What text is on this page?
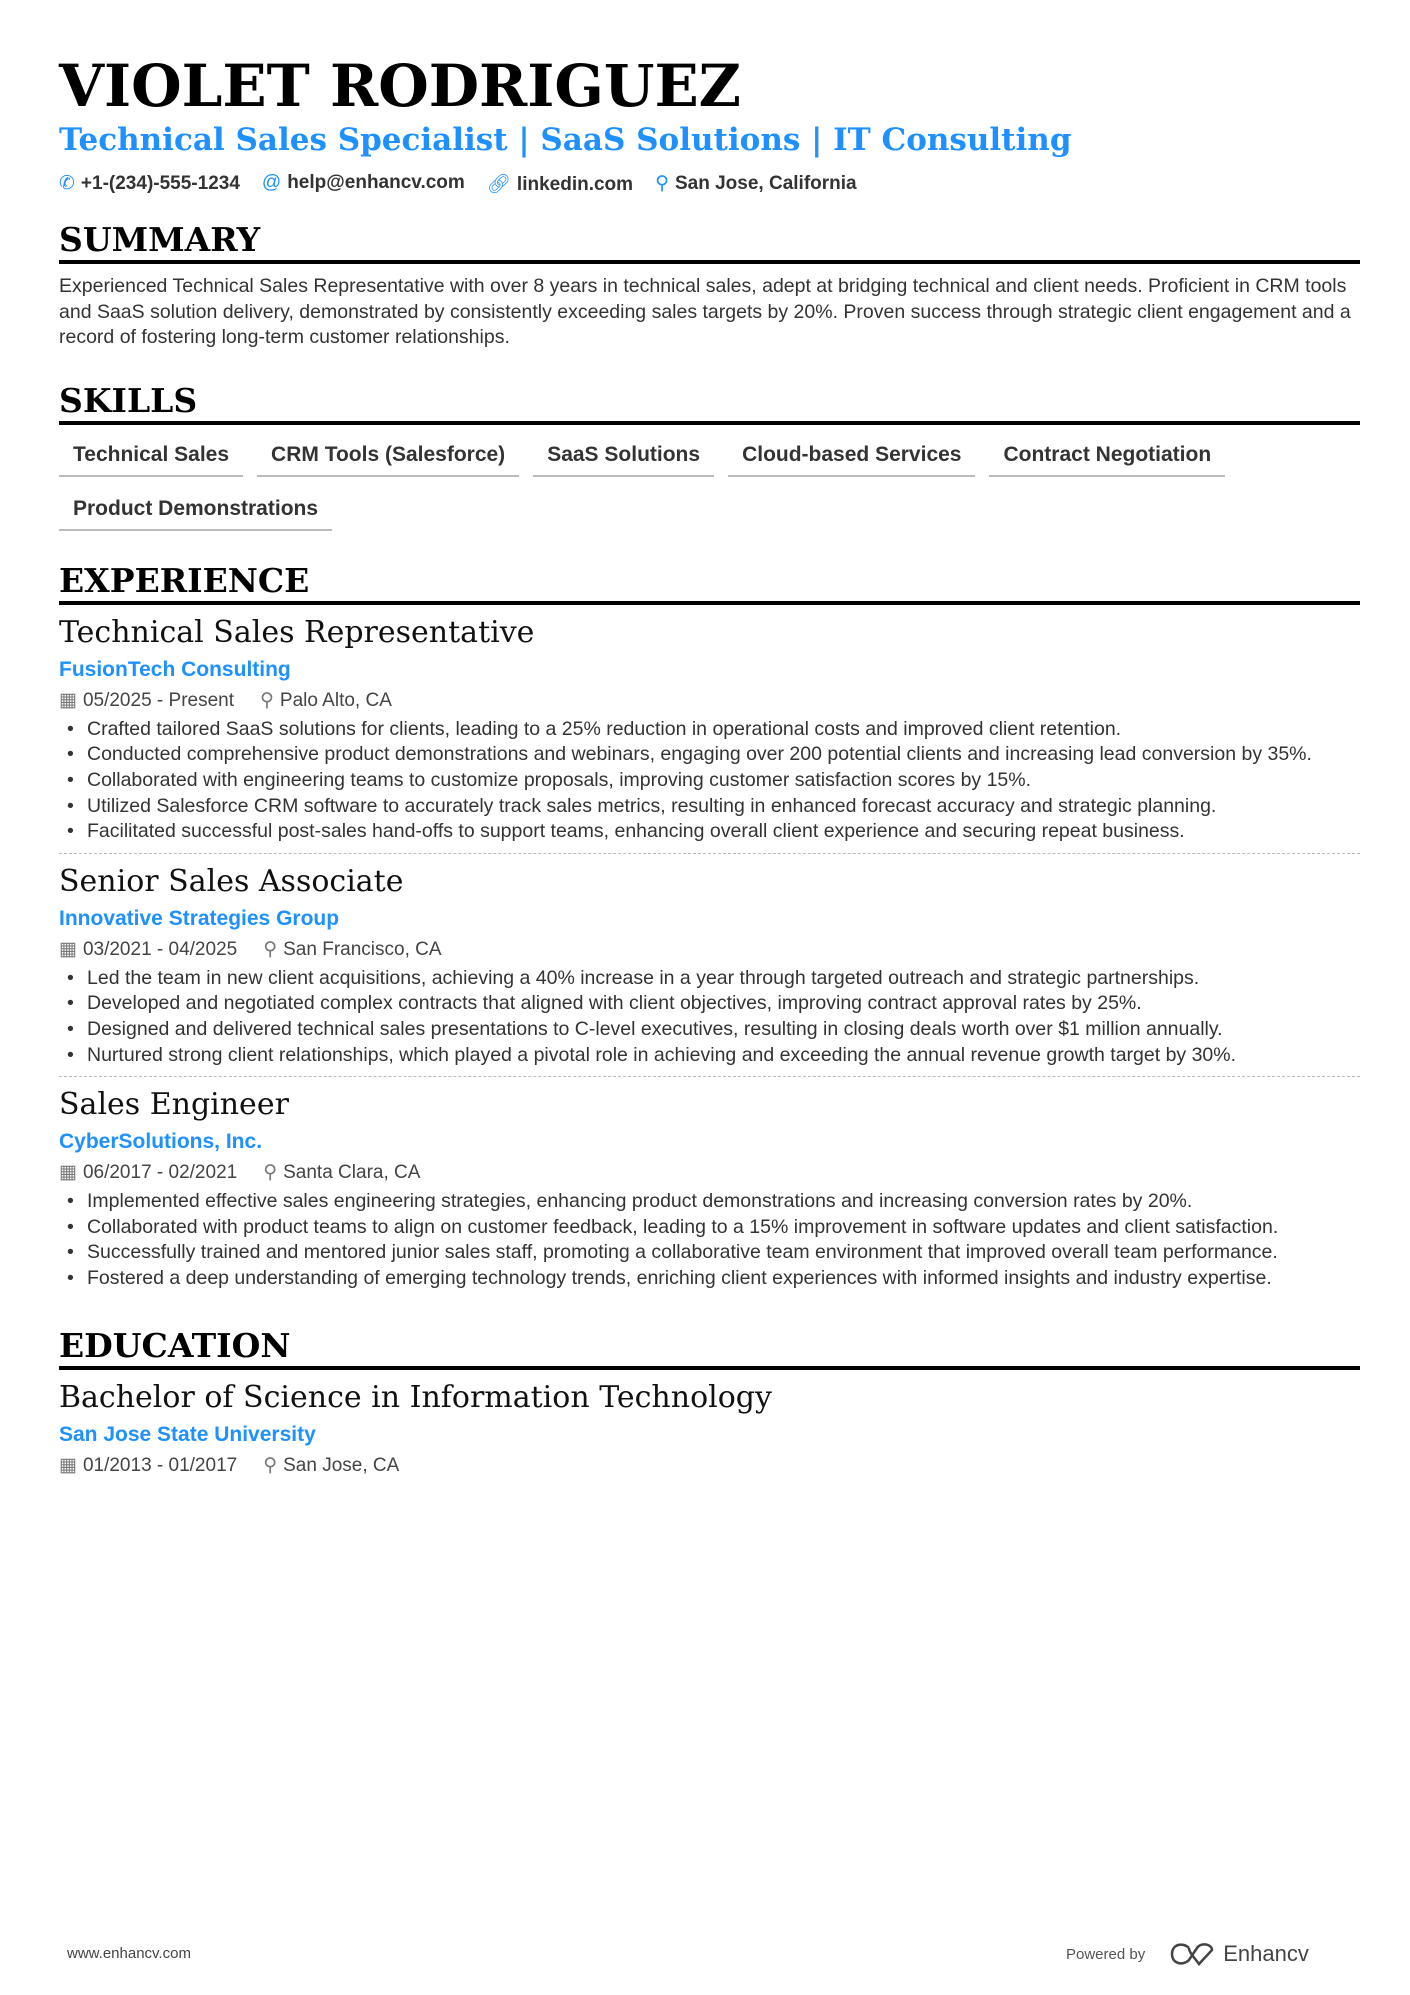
VIOLET RODRIGUEZ
Technical Sales Specialist | SaaS Solutions | IT Consulting
✆ +1-(234)-555-1234 @ help@enhancv.com 🔗︎ linkedin.com ⚲ San Jose, California
SUMMARY

Experienced Technical Sales Representative with over 8 years in technical sales, adept at bridging technical and client needs. Proficient in CRM tools and SaaS solution delivery, demonstrated by consistently exceeding sales targets by 20%. Proven success through strategic client engagement and a record of fostering long-term customer relationships.

SKILLS
Technical Sales	CRM Tools (Salesforce)	SaaS Solutions	Cloud-based Services	Contract Negotiation
Product Demonstrations
EXPERIENCE
Technical Sales Representative
FusionTech Consulting
▦ 05/2025 - Present ⚲ Palo Alto, CA
• Crafted tailored SaaS solutions for clients, leading to a 25% reduction in operational costs and improved client retention.
• Conducted comprehensive product demonstrations and webinars, engaging over 200 potential clients and increasing lead conversion by 35%.
• Collaborated with engineering teams to customize proposals, improving customer satisfaction scores by 15%.
• Utilized Salesforce CRM software to accurately track sales metrics, resulting in enhanced forecast accuracy and strategic planning.
• Facilitated successful post-sales hand-offs to support teams, enhancing overall client experience and securing repeat business.
Senior Sales Associate
Innovative Strategies Group
▦ 03/2021 - 04/2025 ⚲ San Francisco, CA
• Led the team in new client acquisitions, achieving a 40% increase in a year through targeted outreach and strategic partnerships.
• Developed and negotiated complex contracts that aligned with client objectives, improving contract approval rates by 25%.
• Designed and delivered technical sales presentations to C-level executives, resulting in closing deals worth over $1 million annually.
• Nurtured strong client relationships, which played a pivotal role in achieving and exceeding the annual revenue growth target by 30%.
Sales Engineer
CyberSolutions, Inc.
▦ 06/2017 - 02/2021 ⚲ Santa Clara, CA
• Implemented effective sales engineering strategies, enhancing product demonstrations and increasing conversion rates by 20%.
• Collaborated with product teams to align on customer feedback, leading to a 15% improvement in software updates and client satisfaction.
• Successfully trained and mentored junior sales staff, promoting a collaborative team environment that improved overall team performance.
• Fostered a deep understanding of emerging technology trends, enriching client experiences with informed insights and industry expertise.
EDUCATION
Bachelor of Science in Information Technology
San Jose State University
▦ 01/2013 - 01/2017 ⚲ San Jose, CA
www.enhancv.com	Powered by	Enhancv
